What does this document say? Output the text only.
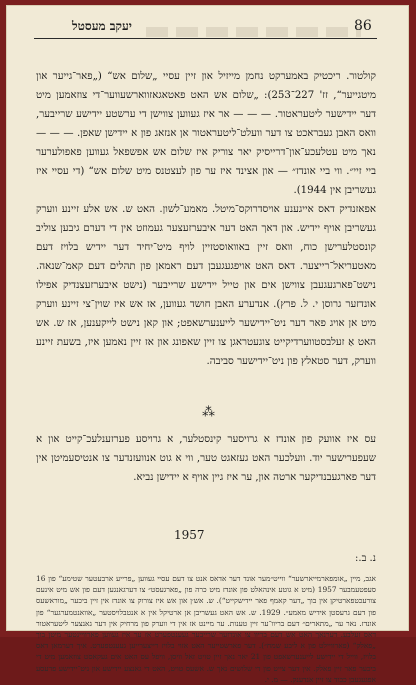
86
יעקב מעסטל

קולטור. ריכטיק באמערקט נחמן מייזיל און זיין עסיי „שלום אש“ („פאר־גייער און מיטגייער“, זז' 227־253): „שלום אש האט פאטאגאזווארשעווער־די צוזאמען מיט דער יידישער ליטעראטור. — — — אר איז געווען צווישן די ערשטע יידישע שרייבער, וואס האבן געבראכט צו דער וועלט־ליטעראטור אן אנזאג פון א יידישן שאפן. — — — נאך מיט עטלעכע־און־דרייסיק יאר צוריק איז שלום אש אפשפאל געווען פאפולערער ביי זיי״. ווי ביי אונדז״ — און אצינד איז ער פון לעצטנס מיט שלום אש“ (די עסיי איז געשריבן אין 1944).

אפאזנדיק דאס אייגענע אויסדרוקס־מיטל. מאמע־לשון. האט ש. אש אלע זיינע ווערק געשריבן אויף יידיש. און דאך האט דער איבערזעצער געמוזט אין די דערם גיבען צוליב קונסטלערישן כוח, וואס זיין באוואוסטזיין לויף מיט־יחיד דער יידיש בלויז דעם מאטעריאל־רייצער. דאס האט אויפגעגעבן דעם ראמאן פון תהלים דעם קאמ־שנאה. נישט־פארגעגעבן צווישן אים און טייל יידישע שרייבער (נישט איבערזעצנדיק אפילו אונדזער גרוסן י. ל. פרץ). אנדערע האבן חושד געווען, אז אש איז שוין־צי זיינע ווערק מיט אן אויג פאר דער ניט־יידישער לייענערשאפט; און קאן נישט לייקענען, אז ש. אש האט אַ זעלבסטווערדיקייט צוגעטראגן צו זיין שאפונג און אז זיין נאמען איז, בשעת זיינע ווערק, דער סטאלץ פון ניט־יידישער סביבה.

⁂
עס איז אוועק פון אונדז א גרויסער קינסטלער, א גרויסע פערזענלעכ־קייט און א שעפערישער יוד. וועלכער האט געזאגט טער, ווי א גוט אנוועזנדער צו אנטיסעמיטן אין דער פארגעבנדיקער ארטה און, ער איז גיין אויף א יידישן נביא.
1957
נ. ב.:
אגב, מיין „אומפארמייארשער“ ווייט״מער אונד דער אדאס אנט צו דעם עסיי געווען „פרייע ארבעטער שטימע“ פון 16 סעפטעמבער 1957 (מיט א גוטע אינהאלט פון אונדז מיט כרה פון „פארגעסט״ צו דערגאנגען דעם פון אש מיט אינעם צורעכטפארטיקן אין בוך „דער קאמף פאר יידישקייט“). ש. אש׳ן און אש איז צורוק צו אונדז אין זיין ביכער „מוראשעס פון דעם גרעסטן אידיש מאמע״. 1929. ש. אש האט געשריבן אן ארטיקל אין א אנטבלויסטער „אוואנטמערגער“ פון אונדז. נאר ער „מתארים״ דעם בריוו־ער זיין טענות. ער מיינט אז אין די ווערק פון מרחיק אין דער גאנצער ליטעראטור דאס זעלבע. דערנאך האט אש דעם בריוו צו אונדזער שרייבער געענטפערט אז ער איז געווען פארוויינטער מיטן בוך „פאלק“ (פארוויילט פון א ליבע שמח״). דער פארשטייער האט אזוי בלויז רייצערייען געענטפערט. איך דערמאן דאס בלויז, ווייל די יידישע לייענערשאפט פון 21 יאר נאך זיין טויט זאל וויסן, וויפל עס האט אים געקאסט צוזאמען מיט די ביכער פאר זיין פאלק. אין דער צייט פון די שלושים נאך ש. אשעס טויט, האט די גאנצע יידישע און ניט־יידישע פרעסע אפגעגעבן כבוד צו זיין אנדענק. — מ. י.
